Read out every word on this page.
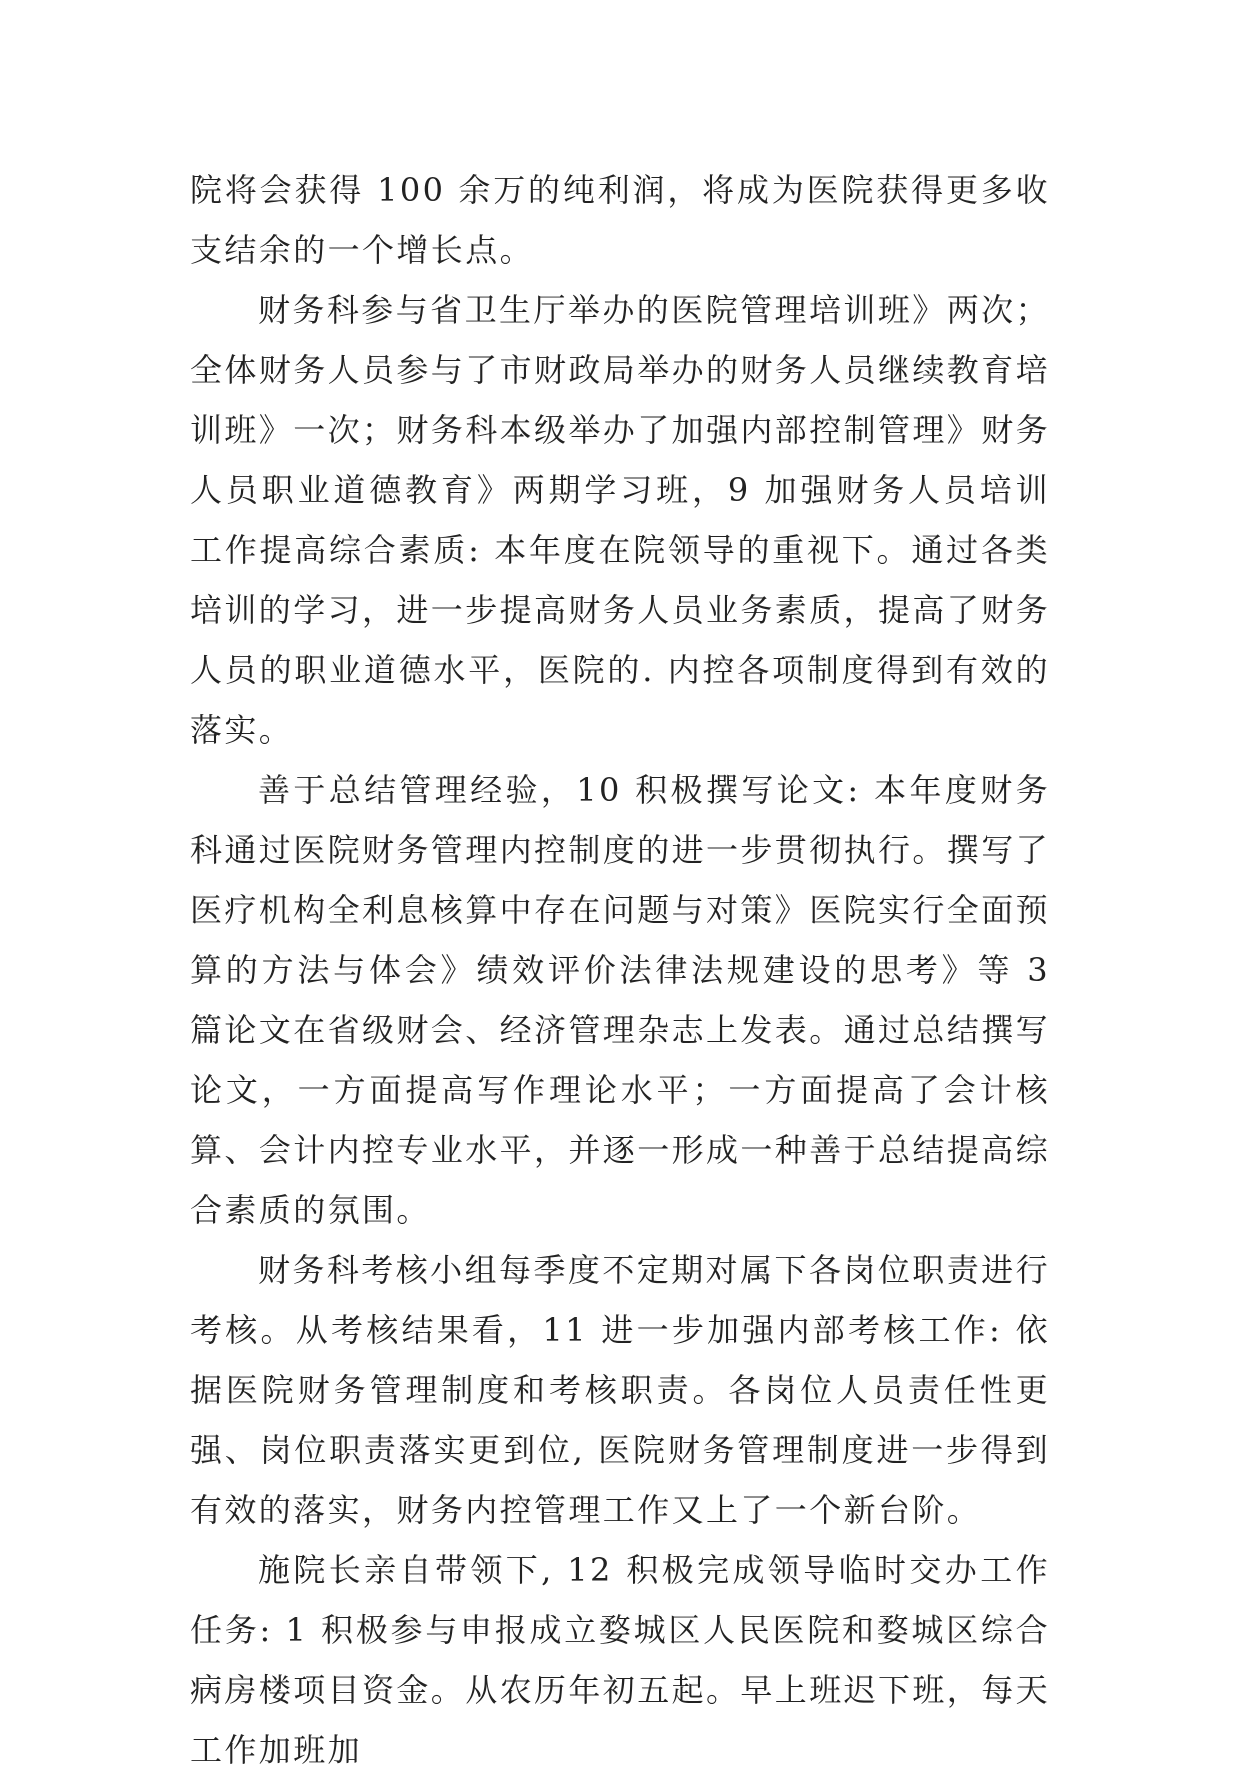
院将会获得 100 余万的纯利润，将成为医院获得更多收支结余的一个增长点。

财务科参与省卫生厅举办的医院管理培训班》两次；全体财务人员参与了市财政局举办的财务人员继续教育培训班》一次；财务科本级举办了加强内部控制管理》财务人员职业道德教育》两期学习班，9 加强财务人员培训工作提高综合素质: 本年度在院领导的重视下。通过各类培训的学习，进一步提高财务人员业务素质，提高了财务人员的职业道德水平，医院的. 内控各项制度得到有效的落实。

善于总结管理经验，10 积极撰写论文: 本年度财务科通过医院财务管理内控制度的进一步贯彻执行。撰写了医疗机构全利息核算中存在问题与对策》医院实行全面预算的方法与体会》绩效评价法律法规建设的思考》等 3 篇论文在省级财会、经济管理杂志上发表。通过总结撰写论文，一方面提高写作理论水平；一方面提高了会计核算、会计内控专业水平，并逐一形成一种善于总结提高综合素质的氛围。

财务科考核小组每季度不定期对属下各岗位职责进行考核。从考核结果看，11 进一步加强内部考核工作: 依据医院财务管理制度和考核职责。各岗位人员责任性更强、岗位职责落实更到位, 医院财务管理制度进一步得到有效的落实，财务内控管理工作又上了一个新台阶。

施院长亲自带领下, 12 积极完成领导临时交办工作任务: 1 积极参与申报成立婺城区人民医院和婺城区综合病房楼项目资金。从农历年初五起。早上班迟下班，每天工作加班加
